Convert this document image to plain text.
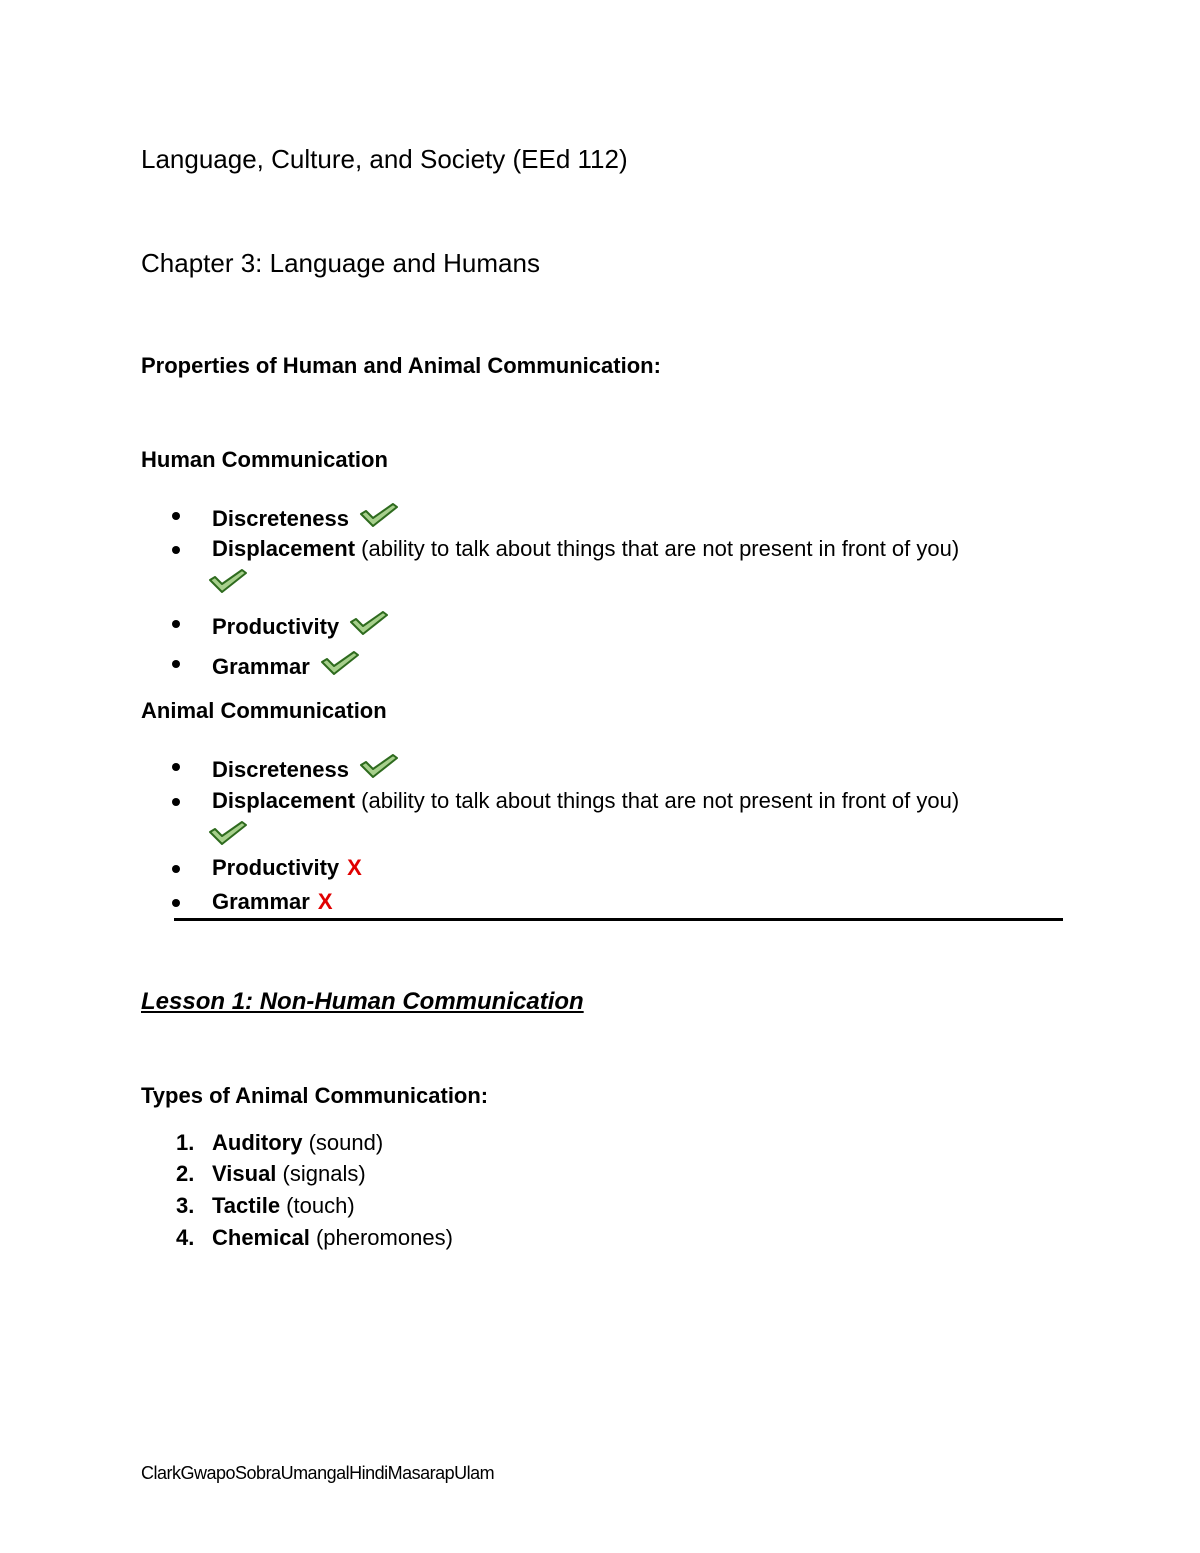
Language, Culture, and Society (EEd 112)
Chapter 3: Language and Humans
Properties of Human and Animal Communication:
Human Communication
Discreteness
Displacement (ability to talk about things that are not present in front of you)
Productivity
Grammar
Animal Communication
Discreteness
Displacement (ability to talk about things that are not present in front of you)
Productivity X
Grammar X
Lesson 1: Non-Human Communication
Types of Animal Communication:
1. Auditory (sound)
2. Visual (signals)
3. Tactile (touch)
4. Chemical (pheromones)
ClarkGwapoSobraUmangalHindiMasarapUlam
